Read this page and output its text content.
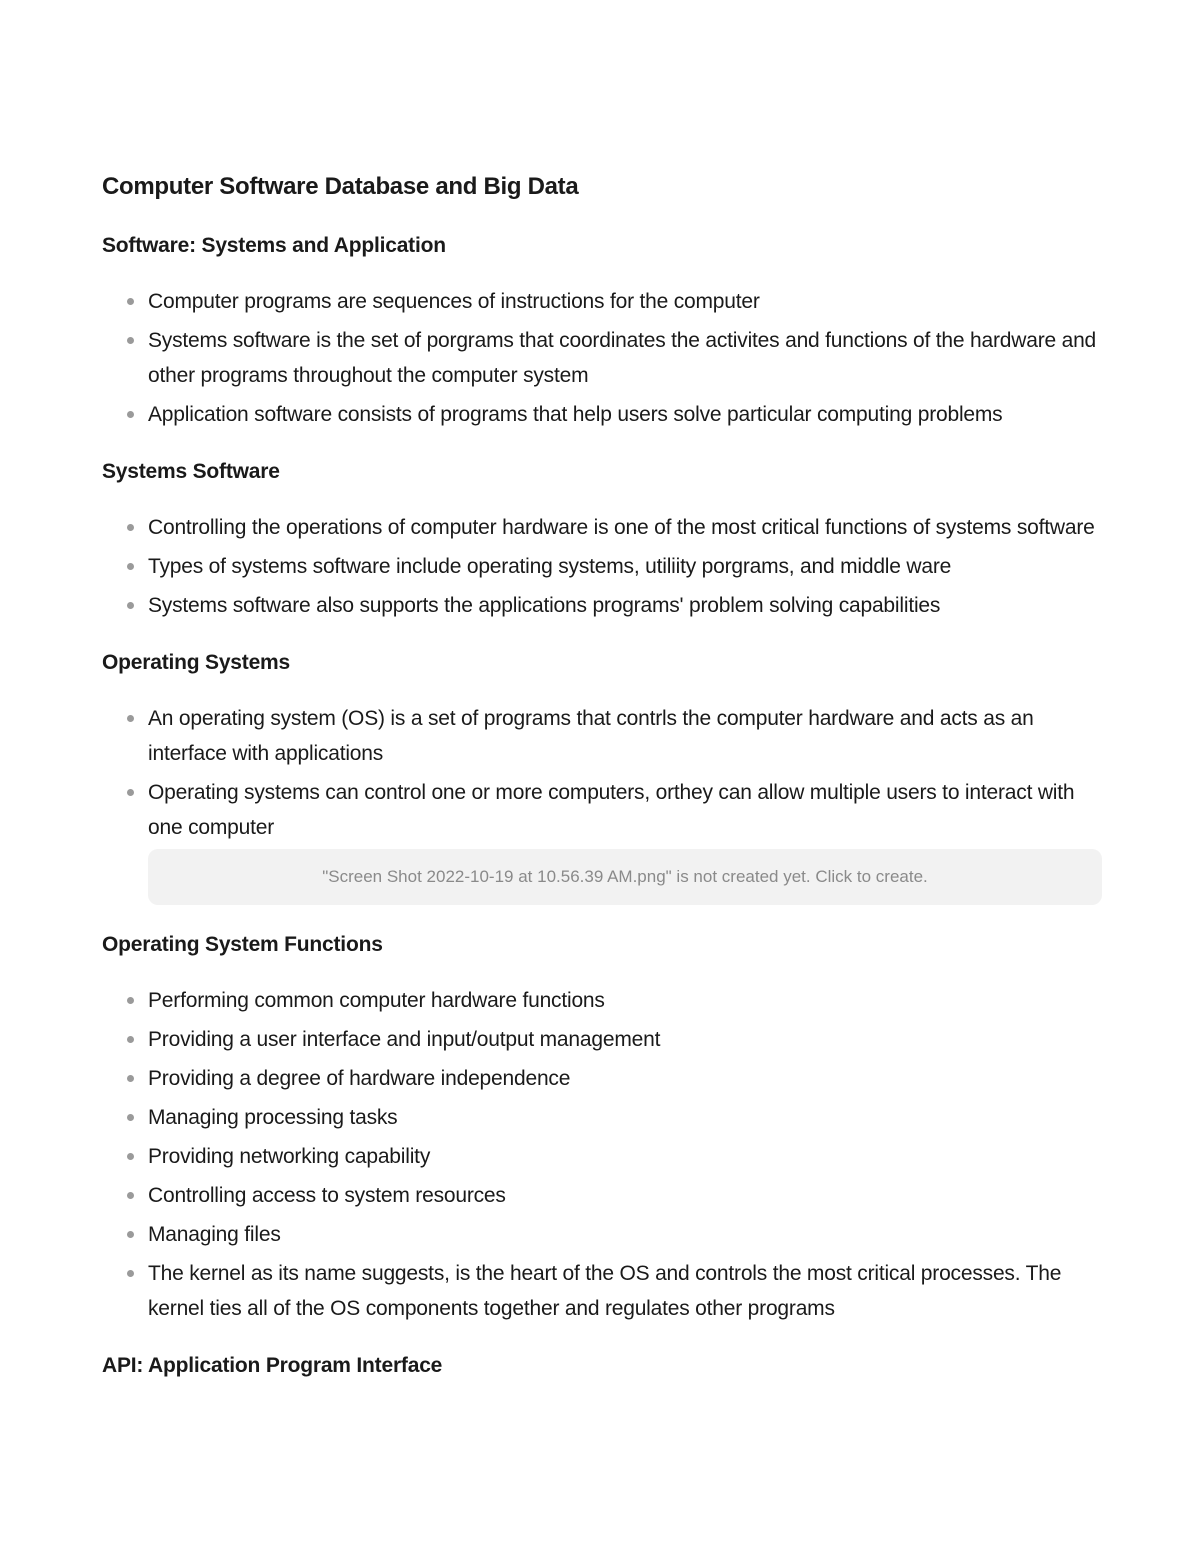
Computer Software Database and Big Data
Software: Systems and Application
Computer programs are sequences of instructions for the computer
Systems software is the set of porgrams that coordinates the activites and functions of the hardware and other programs throughout the computer system
Application software consists of programs that help users solve particular computing problems
Systems Software
Controlling the operations of computer hardware is one of the most critical functions of systems software
Types of systems software include operating systems, utiliity porgrams, and middle ware
Systems software also supports the applications programs' problem solving capabilities
Operating Systems
An operating system (OS) is a set of programs that contrls the computer hardware and acts as an interface with applications
Operating systems can control one or more computers, orthey can allow multiple users to interact with one computer
"Screen Shot 2022-10-19 at 10.56.39 AM.png" is not created yet. Click to create.
Operating System Functions
Performing common computer hardware functions
Providing a user interface and input/output management
Providing a degree of hardware independence
Managing processing tasks
Providing networking capability
Controlling access to system resources
Managing files
The kernel as its name suggests, is the heart of the OS and controls the most critical processes. The kernel ties all of the OS components together and regulates other programs
API: Application Program Interface
